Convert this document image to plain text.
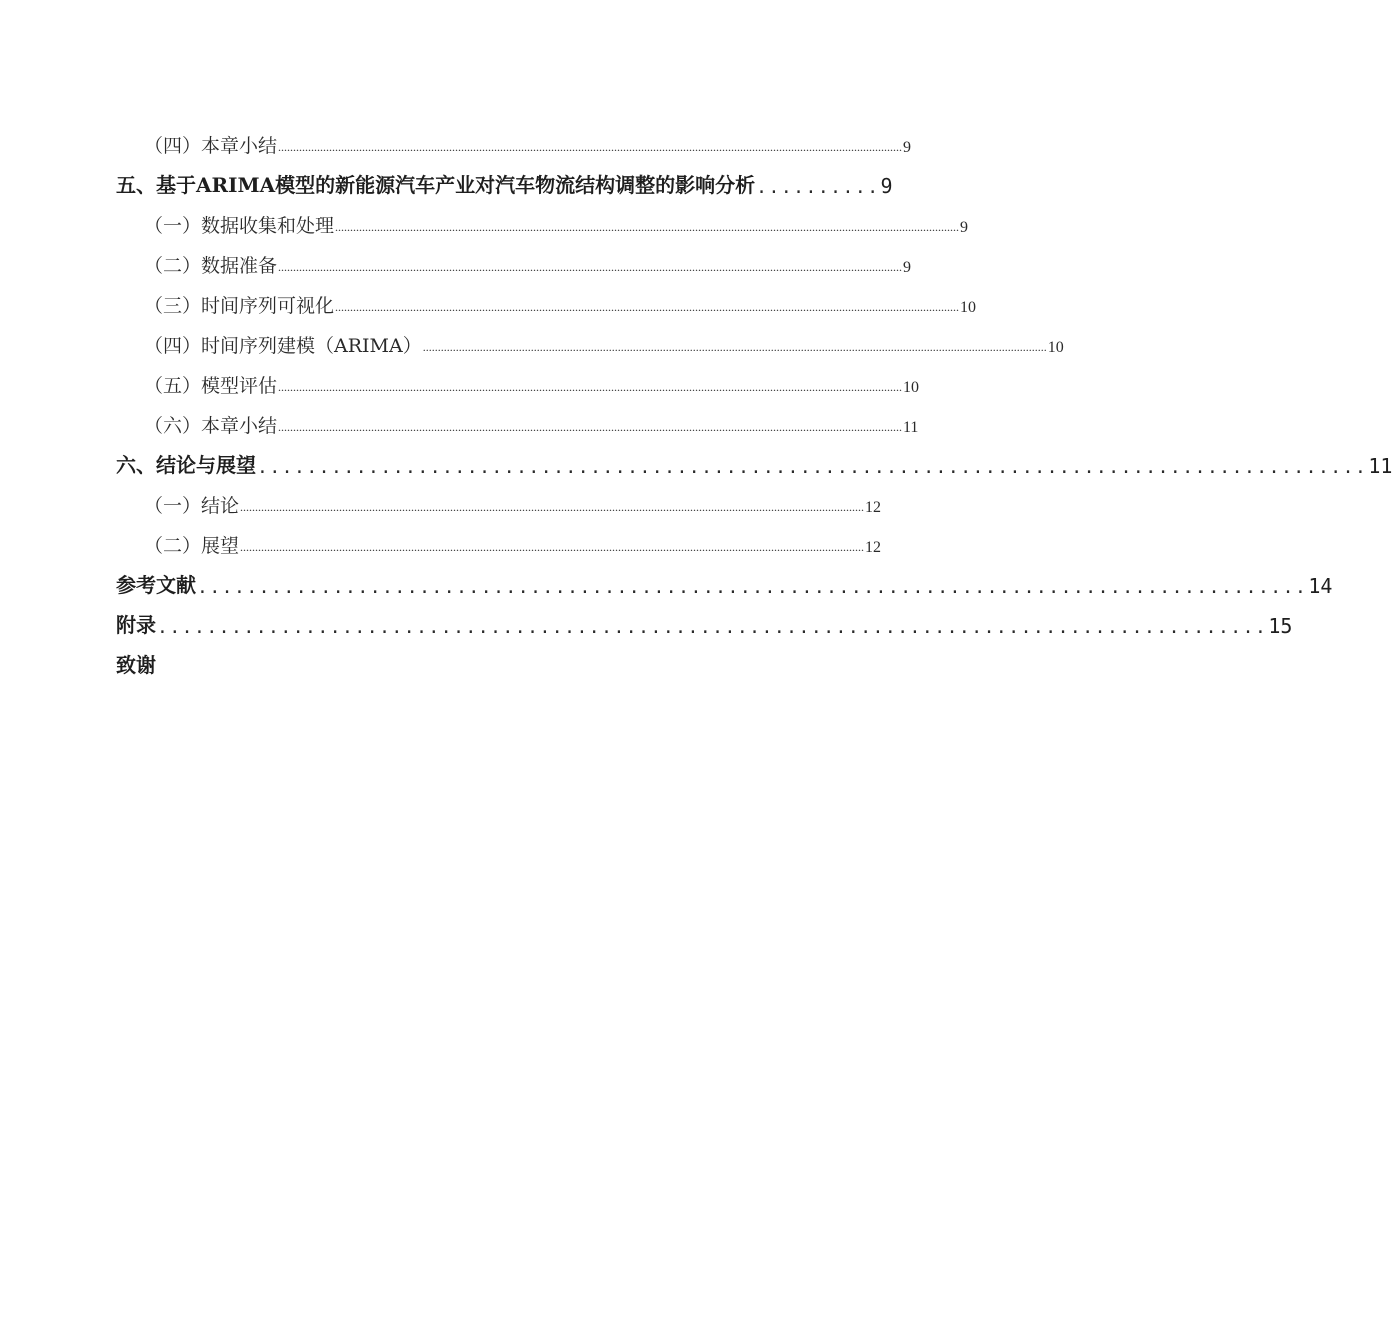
（四）本章小结 ................................................................................................................................................................................................................ 9
五、基于ARIMA模型的新能源汽车产业对汽车物流结构调整的影响分析 .......... 9
（一）数据收集和处理 ................................................................................................................................................................................................................ 9
（二）数据准备 ................................................................................................................................................................................................................ 9
（三）时间序列可视化 ................................................................................................................................................................................................................ 10
（四）时间序列建模（ARIMA） ................................................................................................................................................................................................................ 10
（五）模型评估 ................................................................................................................................................................................................................ 10
（六）本章小结 ................................................................................................................................................................................................................ 11
六、结论与展望 .......................................................................................... 11
（一）结论 ................................................................................................................................................................................................................ 12
（二）展望 ................................................................................................................................................................................................................ 12
参考文献 .......................................................................................... 14
附录 .......................................................................................... 15
致谢
